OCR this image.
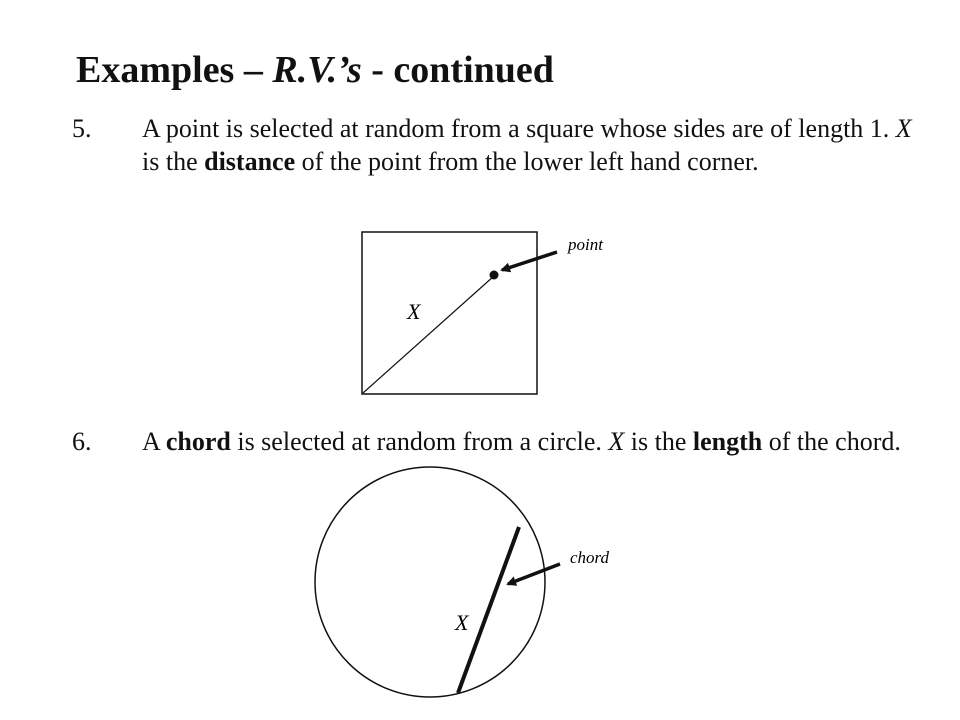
Examples – R.V.’s - continued
5. A point is selected at random from a square whose sides are of length 1. X is the distance of the point from the lower left hand corner.
6. A chord is selected at random from a circle. X is the length of the chord.
point
X
chord
X
